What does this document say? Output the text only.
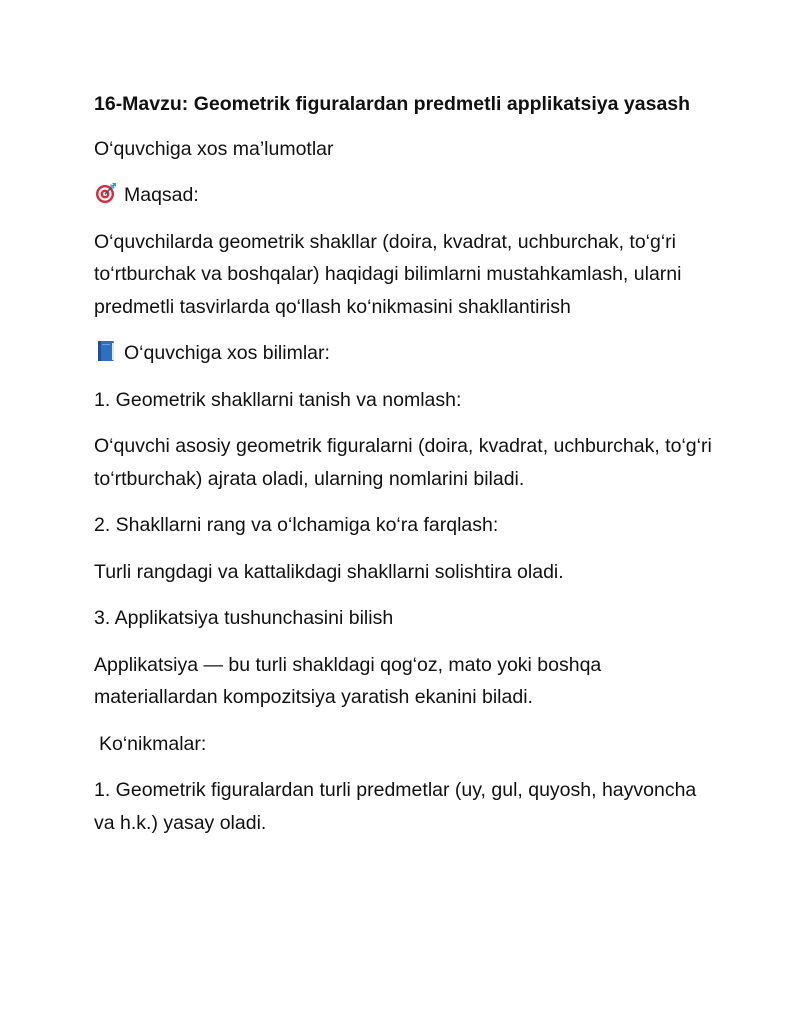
16-Mavzu: Geometrik figuralardan predmetli applikatsiya yasash

O‘quvchiga xos ma’lumotlar

Maqsad:

O‘quvchilarda geometrik shakllar (doira, kvadrat, uchburchak, to‘g‘ri to‘rtburchak va boshqalar) haqidagi bilimlarni mustahkamlash, ularni predmetli tasvirlarda qo‘llash ko‘nikmasini shakllantirish

O‘quvchiga xos bilimlar:

1. Geometrik shakllarni tanish va nomlash:

O‘quvchi asosiy geometrik figuralarni (doira, kvadrat, uchburchak, to‘g‘ri to‘rtburchak) ajrata oladi, ularning nomlarini biladi.

2. Shakllarni rang va o‘lchamiga ko‘ra farqlash:

Turli rangdagi va kattalikdagi shakllarni solishtira oladi.

3. Applikatsiya tushunchasini bilish

Applikatsiya — bu turli shakldagi qog‘oz, mato yoki boshqa materiallardan kompozitsiya yaratish ekanini biladi.

Ko‘nikmalar:

1. Geometrik figuralardan turli predmetlar (uy, gul, quyosh, hayvoncha va h.k.) yasay oladi.
